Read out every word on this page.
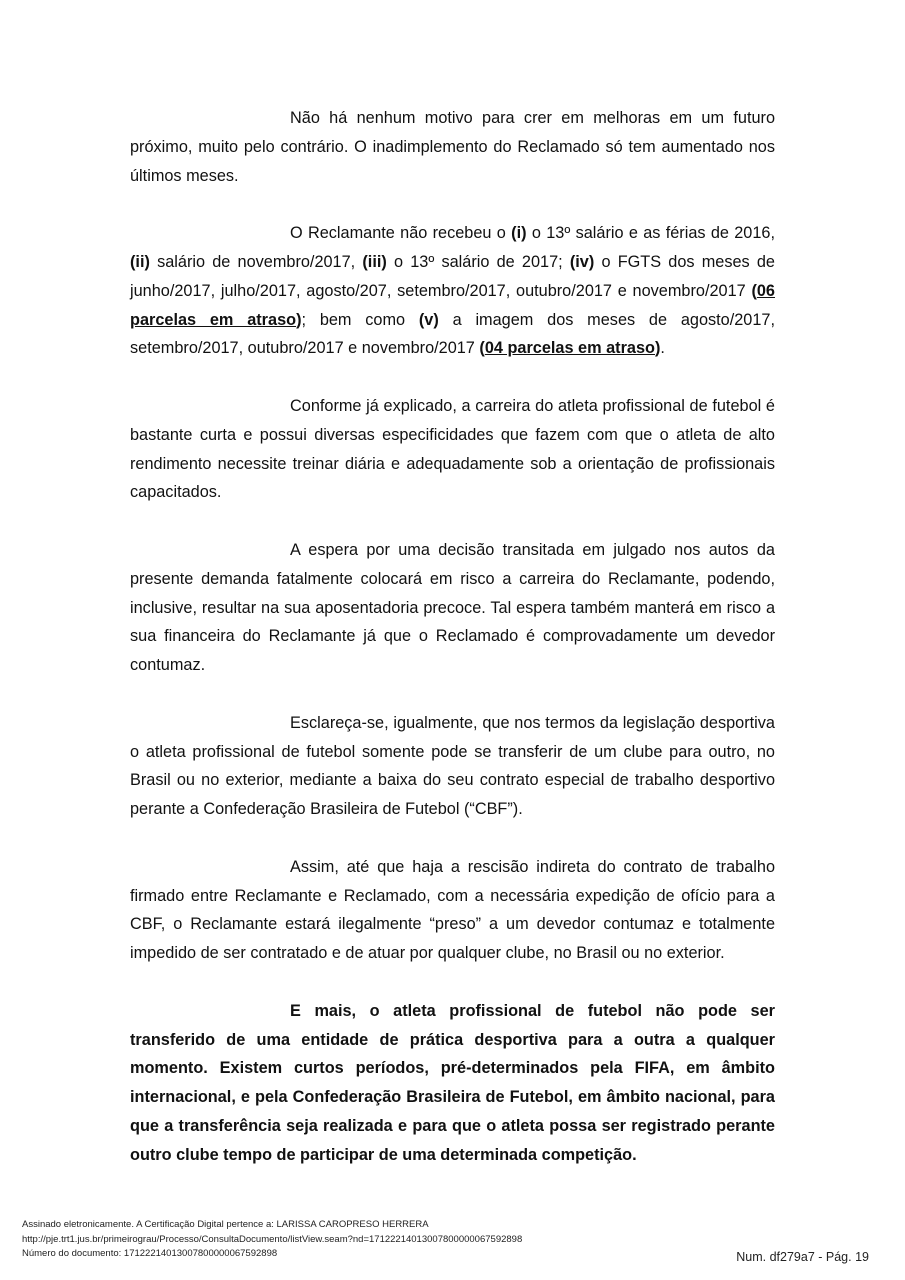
Não há nenhum motivo para crer em melhoras em um futuro próximo, muito pelo contrário. O inadimplemento do Reclamado só tem aumentado nos últimos meses.

O Reclamante não recebeu o (i) o 13º salário e as férias de 2016, (ii) salário de novembro/2017, (iii) o 13º salário de 2017; (iv) o FGTS dos meses de junho/2017, julho/2017, agosto/207, setembro/2017, outubro/2017 e novembro/2017 (06 parcelas em atraso); bem como (v) a imagem dos meses de agosto/2017, setembro/2017, outubro/2017 e novembro/2017 (04 parcelas em atraso).

Conforme já explicado, a carreira do atleta profissional de futebol é bastante curta e possui diversas especificidades que fazem com que o atleta de alto rendimento necessite treinar diária e adequadamente sob a orientação de profissionais capacitados.

A espera por uma decisão transitada em julgado nos autos da presente demanda fatalmente colocará em risco a carreira do Reclamante, podendo, inclusive, resultar na sua aposentadoria precoce. Tal espera também manterá em risco a sua financeira do Reclamante já que o Reclamado é comprovadamente um devedor contumaz.

Esclareça-se, igualmente, que nos termos da legislação desportiva o atleta profissional de futebol somente pode se transferir de um clube para outro, no Brasil ou no exterior, mediante a baixa do seu contrato especial de trabalho desportivo perante a Confederação Brasileira de Futebol (“CBF”).

Assim, até que haja a rescisão indireta do contrato de trabalho firmado entre Reclamante e Reclamado, com a necessária expedição de ofício para a CBF, o Reclamante estará ilegalmente “preso” a um devedor contumaz e totalmente impedido de ser contratado e de atuar por qualquer clube, no Brasil ou no exterior.

E mais, o atleta profissional de futebol não pode ser transferido de uma entidade de prática desportiva para a outra a qualquer momento. Existem curtos períodos, pré-determinados pela FIFA, em âmbito internacional, e pela Confederação Brasileira de Futebol, em âmbito nacional, para que a transferência seja realizada e para que o atleta possa ser registrado perante outro clube tempo de participar de uma determinada competição.

Assinado eletronicamente. A Certificação Digital pertence a: LARISSA CAROPRESO HERRERA
http://pje.trt1.jus.br/primeirograu/Processo/ConsultaDocumento/listView.seam?nd=17122214013007800000067592898
Número do documento: 17122214013007800000067592898	Num. df279a7 - Pág. 19
